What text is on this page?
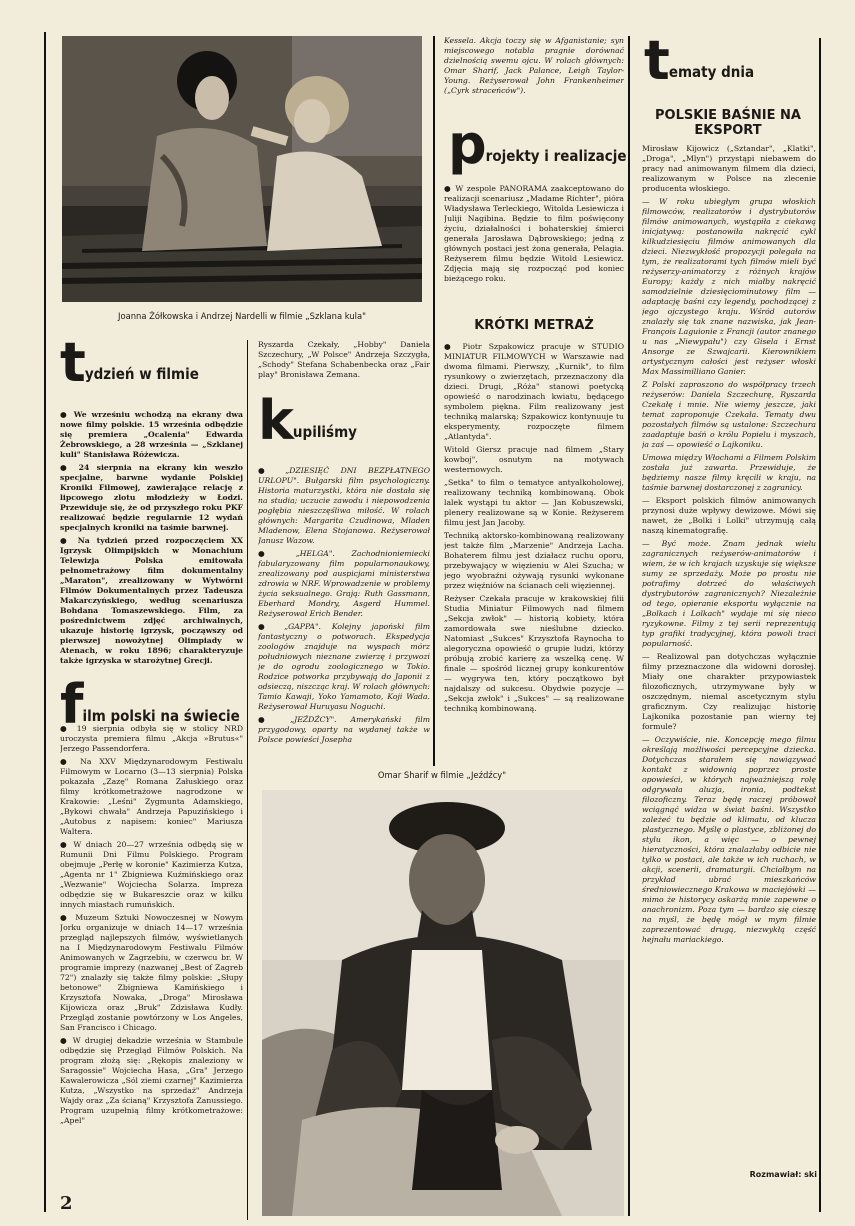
Joanna Żółkowska i Andrzej Nardelli w filmie „Szklana kula"
t ydzień w filmie

● We wrześniu wchodzą na ekrany dwa nowe filmy polskie. 15 września odbędzie się premiera „Ocalenia" Edwarda Żebrowskiego, a 28 września — „Szklanej kuli" Stanisława Różewicza.

● 24 sierpnia na ekrany kin weszło specjalne, barwne wydanie Polskiej Kroniki Filmowej, zawierające relację z lipcowego zlotu młodzieży w Łodzi. Przewiduje się, że od przyszłego roku PKF realizować będzie regularnie 12 wydań specjalnych kroniki na taśmie barwnej.

● Na tydzień przed rozpoczęciem XX Igrzysk Olimpijskich w Monachium Telewizja Polska emitowała pełnometrażowy film dokumentalny „Maraton", zrealizowany w Wytwórni Filmów Dokumentalnych przez Tadeusza Makarczyńskiego, według scenariusza Bohdana Tomaszewskiego. Film, za pośrednictwem zdjęć archiwalnych, ukazuje historię igrzysk, począwszy od pierwszej nowożytnej Olimpiady w Atenach, w roku 1896; charakteryzuje także igrzyska w starożytnej Grecji.

f ilm polski na świecie

● 19 sierpnia odbyła się w stolicy NRD uroczysta premiera filmu „Akcja »Brutus«" Jerzego Passendorfera.

● Na XXV Międzynarodowym Festiwalu Filmowym w Locarno (3—13 sierpnia) Polska pokazała „Zazę" Romana Załuskiego oraz filmy krótkometrażowe nagrodzone w Krakowie: „Leśni" Zygmunta Adamskiego, „Bykowi chwała" Andrzeja Papuzińskiego i „Autobus z napisem: koniec" Mariusza Waltera.

● W dniach 20—27 września odbędą się w Rumunii Dni Filmu Polskiego. Program obejmuje „Perłę w koronie" Kazimierza Kutza, „Agenta nr 1" Zbigniewa Kuźmińskiego oraz „Wezwanie" Wojciecha Solarza. Impreza odbędzie się w Bukareszcie oraz w kilku innych miastach rumuńskich.

● Muzeum Sztuki Nowoczesnej w Nowym Jorku organizuje w dniach 14—17 września przegląd najlepszych filmów, wyświetlanych na I Międzynarodowym Festiwalu Filmów Animowanych w Zagrzebiu, w czerwcu br. W programie imprezy (nazwanej „Best of Zagreb 72") znalazły się także filmy polskie: „Słupy betonowe" Zbigniewa Kamińskiego i Krzysztofa Nowaka, „Droga" Mirosława Kijowicza oraz „Bruk" Zdzisława Kudły. Przegląd zostanie powtórzony w Los Angeles, San Francisco i Chicago.

● W drugiej dekadzie września w Stambule odbędzie się Przegląd Filmów Polskich. Na program złożą się: „Rękopis znaleziony w Saragossie" Wojciecha Hasa, „Gra" Jerzego Kawalerowicza „Sól ziemi czarnej" Kazimierza Kutza, „Wszystko na sprzedaż" Andrzeja Wajdy oraz „Za ścianą" Krzysztofa Zanussiego. Program uzupełnią filmy krótkometrażowe: „Apel"

Ryszarda Czekały, „Hobby" Daniela Szczechury, „W Polsce" Andrzeja Szczygła, „Schody" Stefana Schabenbecka oraz „Fair play" Bronisława Zemana.

k upiliśmy

● „DZIESIĘĆ DNI BEZPŁATNEGO URLOPU". Bułgarski film psychologiczny. Historia maturzystki, która nie dostała się na studia; uczucie zawodu i niepowodzenia pogłębia nieszczęśliwa miłość. W rolach głównych: Margarita Czudinowa, Mladen Mladenow, Elena Stojanowa. Reżyserował Janusz Wazow.

● „HELGA". Zachodnioniemiecki fabularyzowany film popularnonaukowy, zrealizowany pod auspicjami ministerstwa zdrowia w NRF. Wprowadzenie w problemy życia seksualnego. Grają: Ruth Gassmann, Eberhard Mondry, Asgerd Hummel. Reżyserował Erich Bender.

● „GAPPA". Kolejny japoński film fantastyczny o potworach. Ekspedycja zoologów znajduje na wyspach mórz południowych nieznane zwierzę i przywozi je do ogrodu zoologicznego w Tokio. Rodzice potworka przybywają do Japonii z odsieczą, niszcząc kraj. W rolach głównych: Tamio Kawaji, Yoko Yamamoto, Koji Wada. Reżyserował Huruyasu Noguchi.

● „JEŹDŹCY". Amerykański film przygodowy, oparty na wydanej także w Polsce powieści Josepha

Kessela. Akcja toczy się w Afganistanie; syn miejscowego notabla pragnie dorównać dzielnością swemu ojcu. W rolach głównych: Omar Sharif, Jack Palance, Leigh Taylor-Young. Reżyserował John Frankenheimer („Cyrk straceńców").

p rojekty i realizacje

● W zespole PANORAMA zaakceptowano do realizacji scenariusz „Madame Richter", pióra Władysława Terleckiego, Witolda Lesiewicza i Juliji Nagibina. Będzie to film poświęcony życiu, działalności i bohaterskiej śmierci generała Jarosława Dąbrowskiego; jedną z głównych postaci jest żona generała, Pelagia. Reżyserem filmu będzie Witold Lesiewicz. Zdjęcia mają się rozpocząć pod koniec bieżącego roku.

KRÓTKI METRAŻ

● Piotr Szpakowicz pracuje w STUDIO MINIATUR FILMOWYCH w Warszawie nad dwoma filmami. Pierwszy, „Kurnik", to film rysunkowy o zwierzętach, przeznaczony dla dzieci. Drugi, „Róża" stanowi poetycką opowieść o narodzinach kwiatu, będącego symbolem piękna. Film realizowany jest techniką malarską; Szpakowicz kontynuuje tu eksperymenty, rozpoczęte filmem „Atlantyda".

Witold Giersz pracuje nad filmem „Stary kowboj", osnutym na motywach westernowych.

„Setka" to film o tematyce antyalkoholowej, realizowany techniką kombinowaną. Obok lalek wystąpi tu aktor — Jan Kobuszewski, plenery realizowane są w Konie. Reżyserem filmu jest Jan Jacoby.

Techniką aktorsko-kombinowaną realizowany jest także film „Marzenie" Andrzeja Lacha. Bohaterem filmu jest działacz ruchu oporu, przebywający w więzieniu w Alei Szucha; w jego wyobraźni ożywają rysunki wykonane przez więźniów na ścianach celi więziennej.

Reżyser Czekała pracuje w krakowskiej filii Studia Miniatur Filmowych nad filmem „Sekcja zwłok" — historią kobiety, która zamordowała swe nieślubne dziecko. Natomiast „Sukces" Krzysztofa Raynocha to alegoryczna opowieść o grupie ludzi, którzy próbują zrobić karierę za wszelką cenę. W finale — spośród licznej grupy konkurentów — wygrywa ten, który początkowo był najdalszy od sukcesu. Obydwie pozycje — „Sekcja zwłok" i „Sukces" — są realizowane techniką kombinowaną.

Omar Sharif w filmie „Jeźdźcy"
t ematy dnia
POLSKIE BAŚNIE NA EKSPORT

Mirosław Kijowicz („Sztandar", „Klatki", „Droga", „Mlyn") przystąpi niebawem do pracy nad animowanym filmem dla dzieci, realizowanym w Polsce na zlecenie producenta włoskiego.

— W roku ubiegłym grupa włoskich filmowców, realizatorów i dystrybutorów filmów animowanych, wystąpiła z ciekawą inicjatywą: postanowiła nakręcić cykl kilkudziesięciu filmów animowanych dla dzieci. Niezwykłość propozycji polegała na tym, że realizatorami tych filmów mieli być reżyserzy-animatorzy z różnych krajów Europy; każdy z nich miałby nakręcić samodzielnie dziesięciominutowy film — adaptację baśni czy legendy, pochodzącej z jego ojczystego kraju. Wśród autorów znalazły się tak znane nazwiska, jak Jean-François Laguionie z Francji (autor znanego u nas „Niewypału") czy Gisela i Ernst Ansorge ze Szwajcarii. Kierownikiem artystycznym całości jest reżyser włoski Max Massimilliano Ganier.

Z Polski zaproszono do współpracy trzech reżyserów: Daniela Szczechurę, Ryszarda Czekałę i mnie. Nie wiemy jeszcze, jaki temat zaproponuje Czekała. Tematy dwu pozostałych filmów są ustalone: Szczechura zaadaptuje baśń o królu Popielu i myszach, ja zaś — opowieść o Lajkoniku.

Umowa między Włochami a Filmem Polskim została już zawarta. Przewiduje, że będziemy nasze filmy kręcili w kraju, na taśmie barwnej dostarczonej z zagranicy.

— Eksport polskich filmów animowanych przynosi duże wpływy dewizowe. Mówi się nawet, że „Bolki i Lolki" utrzymują całą naszą kinematografię.

— Być może. Znam jednak wielu zagranicznych reżyserów-animatorów i wiem, że w ich krajach uzyskuje się większe sumy ze sprzedaży. Może po prostu nie potrafimy dotrzeć do właściwych dystrybutorów zagranicznych? Niezależnie od tego, opieranie eksportu wyłącznie na „Bolkach i Lolkach" wydaje mi się nieco ryzykowne. Filmy z tej serii reprezentują typ grafiki tradycyjnej, która powoli traci popularność.

— Realizowal pan dotychczas wyłącznie filmy przeznaczone dla widowni dorosłej. Miały one charakter przypowiastek filozoficznych, utrzymywane były w oszczędnym, niemal ascetycznym stylu graficznym. Czy realizując historię Lajkonika pozostanie pan wierny tej formule?

— Oczywiście, nie. Koncepcję mego filmu określają możliwości percepcyjne dziecka. Dotychczas starałem się nawiązywać kontakt z widownią poprzez proste opowieści, w których najważniejszą rolę odgrywała aluzja, ironia, podtekst filozoficzny. Teraz będę raczej próbował wciągnąć widza w świat baśni. Wszystko zależeć tu będzie od klimatu, od klucza plastycznego. Myślę o plastyce, zbliżonej do stylu ikon, a więc — o pewnej hieratyczności, która znalazłaby odbicie nie tylko w postaci, ale także w ich ruchach, w akcji, scenerii, dramaturgii. Chciałbym na przykład ubrać mieszkańców średniowiecznego Krakowa w maciejówki — mimo że historycy oskarżą mnie zapewne o anachronizm. Poza tym — bardzo się cieszę na myśl, że będę mógł w mym filmie zaprezentować drugą, niezwykłą część hejnału mariackiego.

Rozmawiał: ski
2
